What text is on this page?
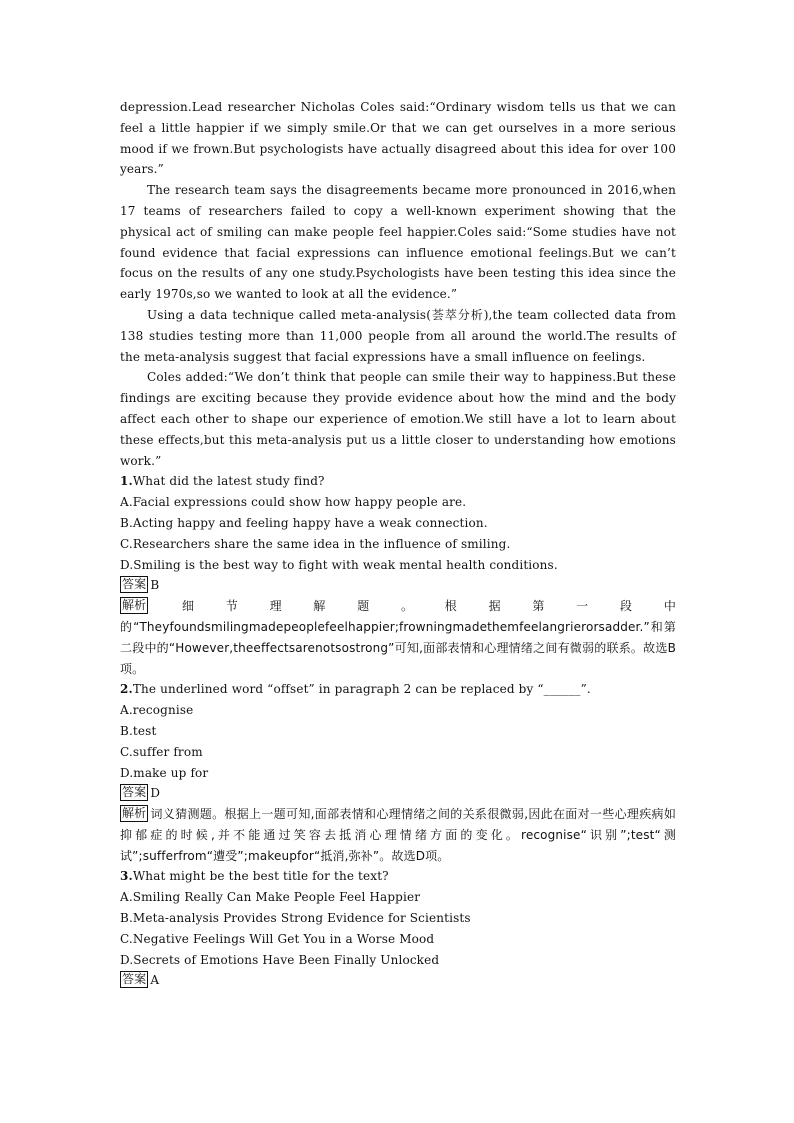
depression.Lead researcher Nicholas Coles said:“Ordinary wisdom tells us that we can feel a little happier if we simply smile.Or that we can get ourselves in a more serious mood if we frown.But psychologists have actually disagreed about this idea for over 100 years.”

The research team says the disagreements became more pronounced in 2016,when 17 teams of researchers failed to copy a well-known experiment showing that the physical act of smiling can make people feel happier.Coles said:“Some studies have not found evidence that facial expressions can influence emotional feelings.But we can’t focus on the results of any one study.Psychologists have been testing this idea since the early 1970s,so we wanted to look at all the evidence.”

Using a data technique called meta-analysis(荟萃分析),the team collected data from 138 studies testing more than 11,000 people from all around the world.The results of the meta-analysis suggest that facial expressions have a small influence on feelings.

Coles added:“We don’t think that people can smile their way to happiness.But these findings are exciting because they provide evidence about how the mind and the body affect each other to shape our experience of emotion.We still have a lot to learn about these effects,but this meta-analysis put us a little closer to understanding how emotions work.”

1.What did the latest study find?

A.Facial expressions could show how happy people are.

B.Acting happy and feeling happy have a weak connection.

C.Researchers share the same idea in the influence of smiling.

D.Smiling is the best way to fight with weak mental health conditions.

答案 B

解析 细节理解题。根据第一段中的“Theyfoundsmilingmadepeoplefeelhappier;frowningmadethemfeelangrierorsadder.”和第二段中的“However,theeffectsarenotsostrong”可知,面部表情和心理情绪之间有微弱的联系。故选B项。

2.The underlined word “offset” in paragraph 2 can be replaced by “______”.

A.recognise

B.test

C.suffer from

D.make up for

答案 D

解析 词义猜测题。根据上一题可知,面部表情和心理情绪之间的关系很微弱,因此在面对一些心理疾病如抑郁症的时候,并不能通过笑容去抵消心理情绪方面的变化。recognise“识别”;test“测试”;sufferfrom“遭受”;makeupfor“抵消,弥补”。故选D项。

3.What might be the best title for the text?

A.Smiling Really Can Make People Feel Happier

B.Meta-analysis Provides Strong Evidence for Scientists

C.Negative Feelings Will Get You in a Worse Mood

D.Secrets of Emotions Have Been Finally Unlocked

答案 A
